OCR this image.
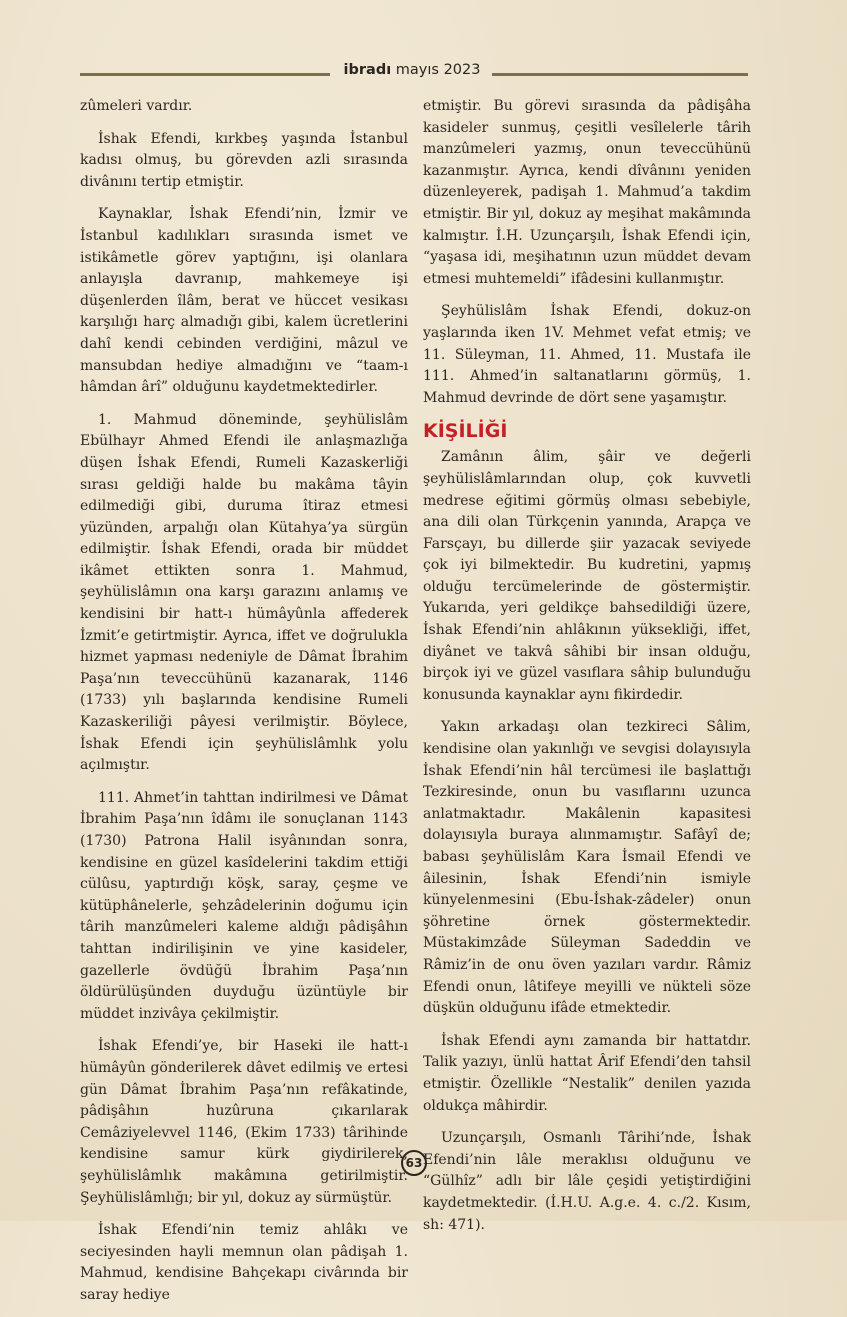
ibradı mayıs 2023

zûmeleri vardır.

İshak Efendi, kırkbeş yaşında İstanbul kadısı olmuş, bu görevden azli sırasında divânını tertip etmiştir.

Kaynaklar, İshak Efendi’nin, İzmir ve İstanbul kadılıkları sırasında ismet ve istikâmetle görev yaptığını, işi olanlara anlayışla davranıp, mahkemeye işi düşenlerden îlâm, berat ve hüccet vesikası karşılığı harç almadığı gibi, kalem ücretlerini dahî kendi cebinden verdiğini, mâzul ve mansubdan hediye almadığını ve “taam-ı hâmdan ârî” olduğunu kaydetmektedirler.

1. Mahmud döneminde, şeyhülislâm Ebülhayr Ahmed Efendi ile anlaşmazlığa düşen İshak Efendi, Rumeli Kazaskerliği sırası geldiği halde bu makâma tâyin edilmediği gibi, duruma îtiraz etmesi yüzünden, arpalığı olan Kütahya’ya sürgün edilmiştir. İshak Efendi, orada bir müddet ikâmet ettikten sonra 1. Mahmud, şeyhülislâmın ona karşı garazını anlamış ve kendisini bir hatt-ı hümâyûnla affederek İzmit’e getirtmiştir. Ayrıca, iffet ve doğrulukla hizmet yapması nedeniyle de Dâmat İbrahim Paşa’nın teveccühünü kazanarak, 1146 (1733) yılı başlarında kendisine Rumeli Kazaskeriliği pâyesi verilmiştir. Böylece, İshak Efendi için şeyhülislâmlık yolu açılmıştır.

111. Ahmet’in tahttan indirilmesi ve Dâmat İbrahim Paşa’nın îdâmı ile sonuçlanan 1143 (1730) Patrona Halil isyânından sonra, kendisine en güzel kasîdelerini takdim ettiği cülûsu, yaptırdığı köşk, saray, çeşme ve kütüphânelerle, şehzâdelerinin doğumu için târih manzûmeleri kaleme aldığı pâdişâhın tahttan indirilişinin ve yine kasideler, gazellerle övdüğü İbrahim Paşa’nın öldürülüşünden duyduğu üzüntüyle bir müddet inzivâya çekilmiştir.

İshak Efendi’ye, bir Haseki ile hatt-ı hümâyûn gönderilerek dâvet edilmiş ve ertesi gün Dâmat İbrahim Paşa’nın refâkatinde, pâdişâhın huzûruna çıkarılarak Cemâziyelevvel 1146, (Ekim 1733) târihinde kendisine samur kürk giydirilerek, şeyhülislâmlık makâmına getirilmiştir. Şeyhülislâmlığı; bir yıl, dokuz ay sürmüştür.

İshak Efendi’nin temiz ahlâkı ve seciyesinden hayli memnun olan pâdişah 1. Mahmud, kendisine Bahçekapı civârında bir saray hediye

etmiştir. Bu görevi sırasında da pâdişâha kasideler sunmuş, çeşitli vesîlelerle târih manzûmeleri yazmış, onun teveccühünü kazanmıştır. Ayrıca, kendi dîvânını yeniden düzenleyerek, padişah 1. Mahmud’a takdim etmiştir. Bir yıl, dokuz ay meşihat makâmında kalmıştır. İ.H. Uzunçarşılı, İshak Efendi için, “yaşasa idi, meşihatının uzun müddet devam etmesi muhtemeldi” ifâdesini kullanmıştır.

Şeyhülislâm İshak Efendi, dokuz-on yaşlarında iken 1V. Mehmet vefat etmiş; ve 11. Süleyman, 11. Ahmed, 11. Mustafa ile 111. Ahmed’in saltanatlarını görmüş, 1. Mahmud devrinde de dört sene yaşamıştır.

KİŞİLİĞİ

Zamânın âlim, şâir ve değerli şeyhülislâmlarından olup, çok kuvvetli medrese eğitimi görmüş olması sebebiyle, ana dili olan Türkçenin yanında, Arapça ve Farsçayı, bu dillerde şiir yazacak seviyede çok iyi bilmektedir. Bu kudretini, yapmış olduğu tercümelerinde de göstermiştir. Yukarıda, yeri geldikçe bahsedildiği üzere, İshak Efendi’nin ahlâkının yüksekliği, iffet, diyânet ve takvâ sâhibi bir insan olduğu, birçok iyi ve güzel vasıflara sâhip bulunduğu konusunda kaynaklar aynı fikirdedir.

Yakın arkadaşı olan tezkireci Sâlim, kendisine olan yakınlığı ve sevgisi dolayısıyla İshak Efendi’nin hâl tercümesi ile başlattığı Tezkiresinde, onun bu vasıflarını uzunca anlatmaktadır. Makâlenin kapasitesi dolayısıyla buraya alınmamıştır. Safâyî de; babası şeyhülislâm Kara İsmail Efendi ve âilesinin, İshak Efendi’nin ismiyle künyelenmesini (Ebu-İshak-zâdeler) onun şöhretine örnek göstermektedir. Müstakimzâde Süleyman Sadeddin ve Râmiz’in de onu öven yazıları vardır. Râmiz Efendi onun, lâtifeye meyilli ve nükteli söze düşkün olduğunu ifâde etmektedir.

İshak Efendi aynı zamanda bir hattatdır. Talik yazıyı, ünlü hattat Ârif Efendi’den tahsil etmiştir. Özellikle “Nestalik” denilen yazıda oldukça mâhirdir.

Uzunçarşılı, Osmanlı Târihi’nde, İshak Efendi’nin lâle meraklısı olduğunu ve “Gülhîz” adlı bir lâle çeşidi yetiştirdiğini kaydetmektedir. (İ.H.U. A.g.e. 4. c./2. Kısım, sh: 471).

63
